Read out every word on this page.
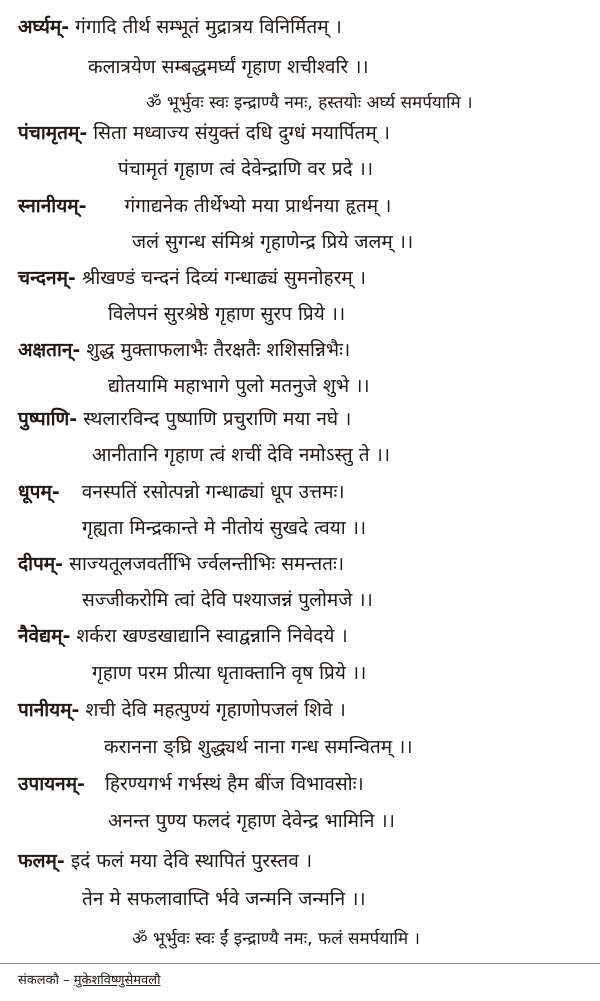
अर्घ्यम्- गंगादि तीर्थ सम्भूतं मुद्रात्रय विनिर्मितम् ।
कलात्रयेण सम्बद्धमर्घ्यं गृहाण शचीश्वरि ।।
ॐ भूर्भुवः स्वः इन्द्राण्यै नमः, हस्तयोः अर्घ्य समर्पयामि ।
पंचामृतम्- सिता मध्वाज्य संयुक्तं दधि दुग्धं मयार्पितम् ।
पंचामृतं गृहाण त्वं देवेन्द्राणि वर प्रदे ।।
स्नानीयम्- गंगाद्यनेक तीर्थेभ्यो मया प्रार्थनया हृतम् ।
जलं सुगन्ध संमिश्रं गृहाणेन्द्र प्रिये जलम् ।।
चन्दनम्- श्रीखण्डं चन्दनं दिव्यं गन्धाढ्यं सुमनोहरम् ।
विलेपनं सुरश्रेष्ठे गृहाण सुरप प्रिये ।।
अक्षतान्- शुद्ध मुक्ताफलाभैः तैरक्षतैः शशिसन्निभैः।
द्योतयामि महाभागे पुलो मतनुजे शुभे ।।
पुष्पाणि- स्थलारविन्द पुष्पाणि प्रचुराणि मया नघे ।
आनीतानि गृहाण त्वं शचीं देवि नमोऽस्तु ते ।।
धूपम्- वनस्पतिं रसोत्पन्नो गन्धाढ्यां धूप उत्तमः।
गृह्यता मिन्द्रकान्ते मे नीतोयं सुखदे त्वया ।।
दीपम्- साज्यतूलजवर्तीभि र्ज्वलन्तीभिः समन्ततः।
सज्जीकरोमि त्वां देवि पश्याजन्नं पुलोमजे ।।
नैवेद्यम्- शर्करा खण्डखाद्यानि स्वाद्वन्नानि निवेदये ।
गृहाण परम प्रीत्या धृताक्तानि वृष प्रिये ।।
पानीयम्- शची देवि महत्पुण्यं गृहाणोपजलं शिवे ।
करानना ङ्घ्रि शुद्ध्यर्थ नाना गन्ध समन्वितम् ।।
उपायनम्- हिरण्यगर्भ गर्भस्थं हैम बींज विभावसोः।
अनन्त पुण्य फलदं गृहाण देवेन्द्र भामिनि ।।
फलम्- इदं फलं मया देवि स्थापितं पुरस्तव ।
तेन मे सफलावाप्ति र्भवे जन्मनि जन्मनि ।।
ॐ भूर्भुवः स्वः ईं इन्द्राण्यै नमः, फलं समर्पयामि ।
संकलकौ – मुकेशविष्णुसेमवलौ
